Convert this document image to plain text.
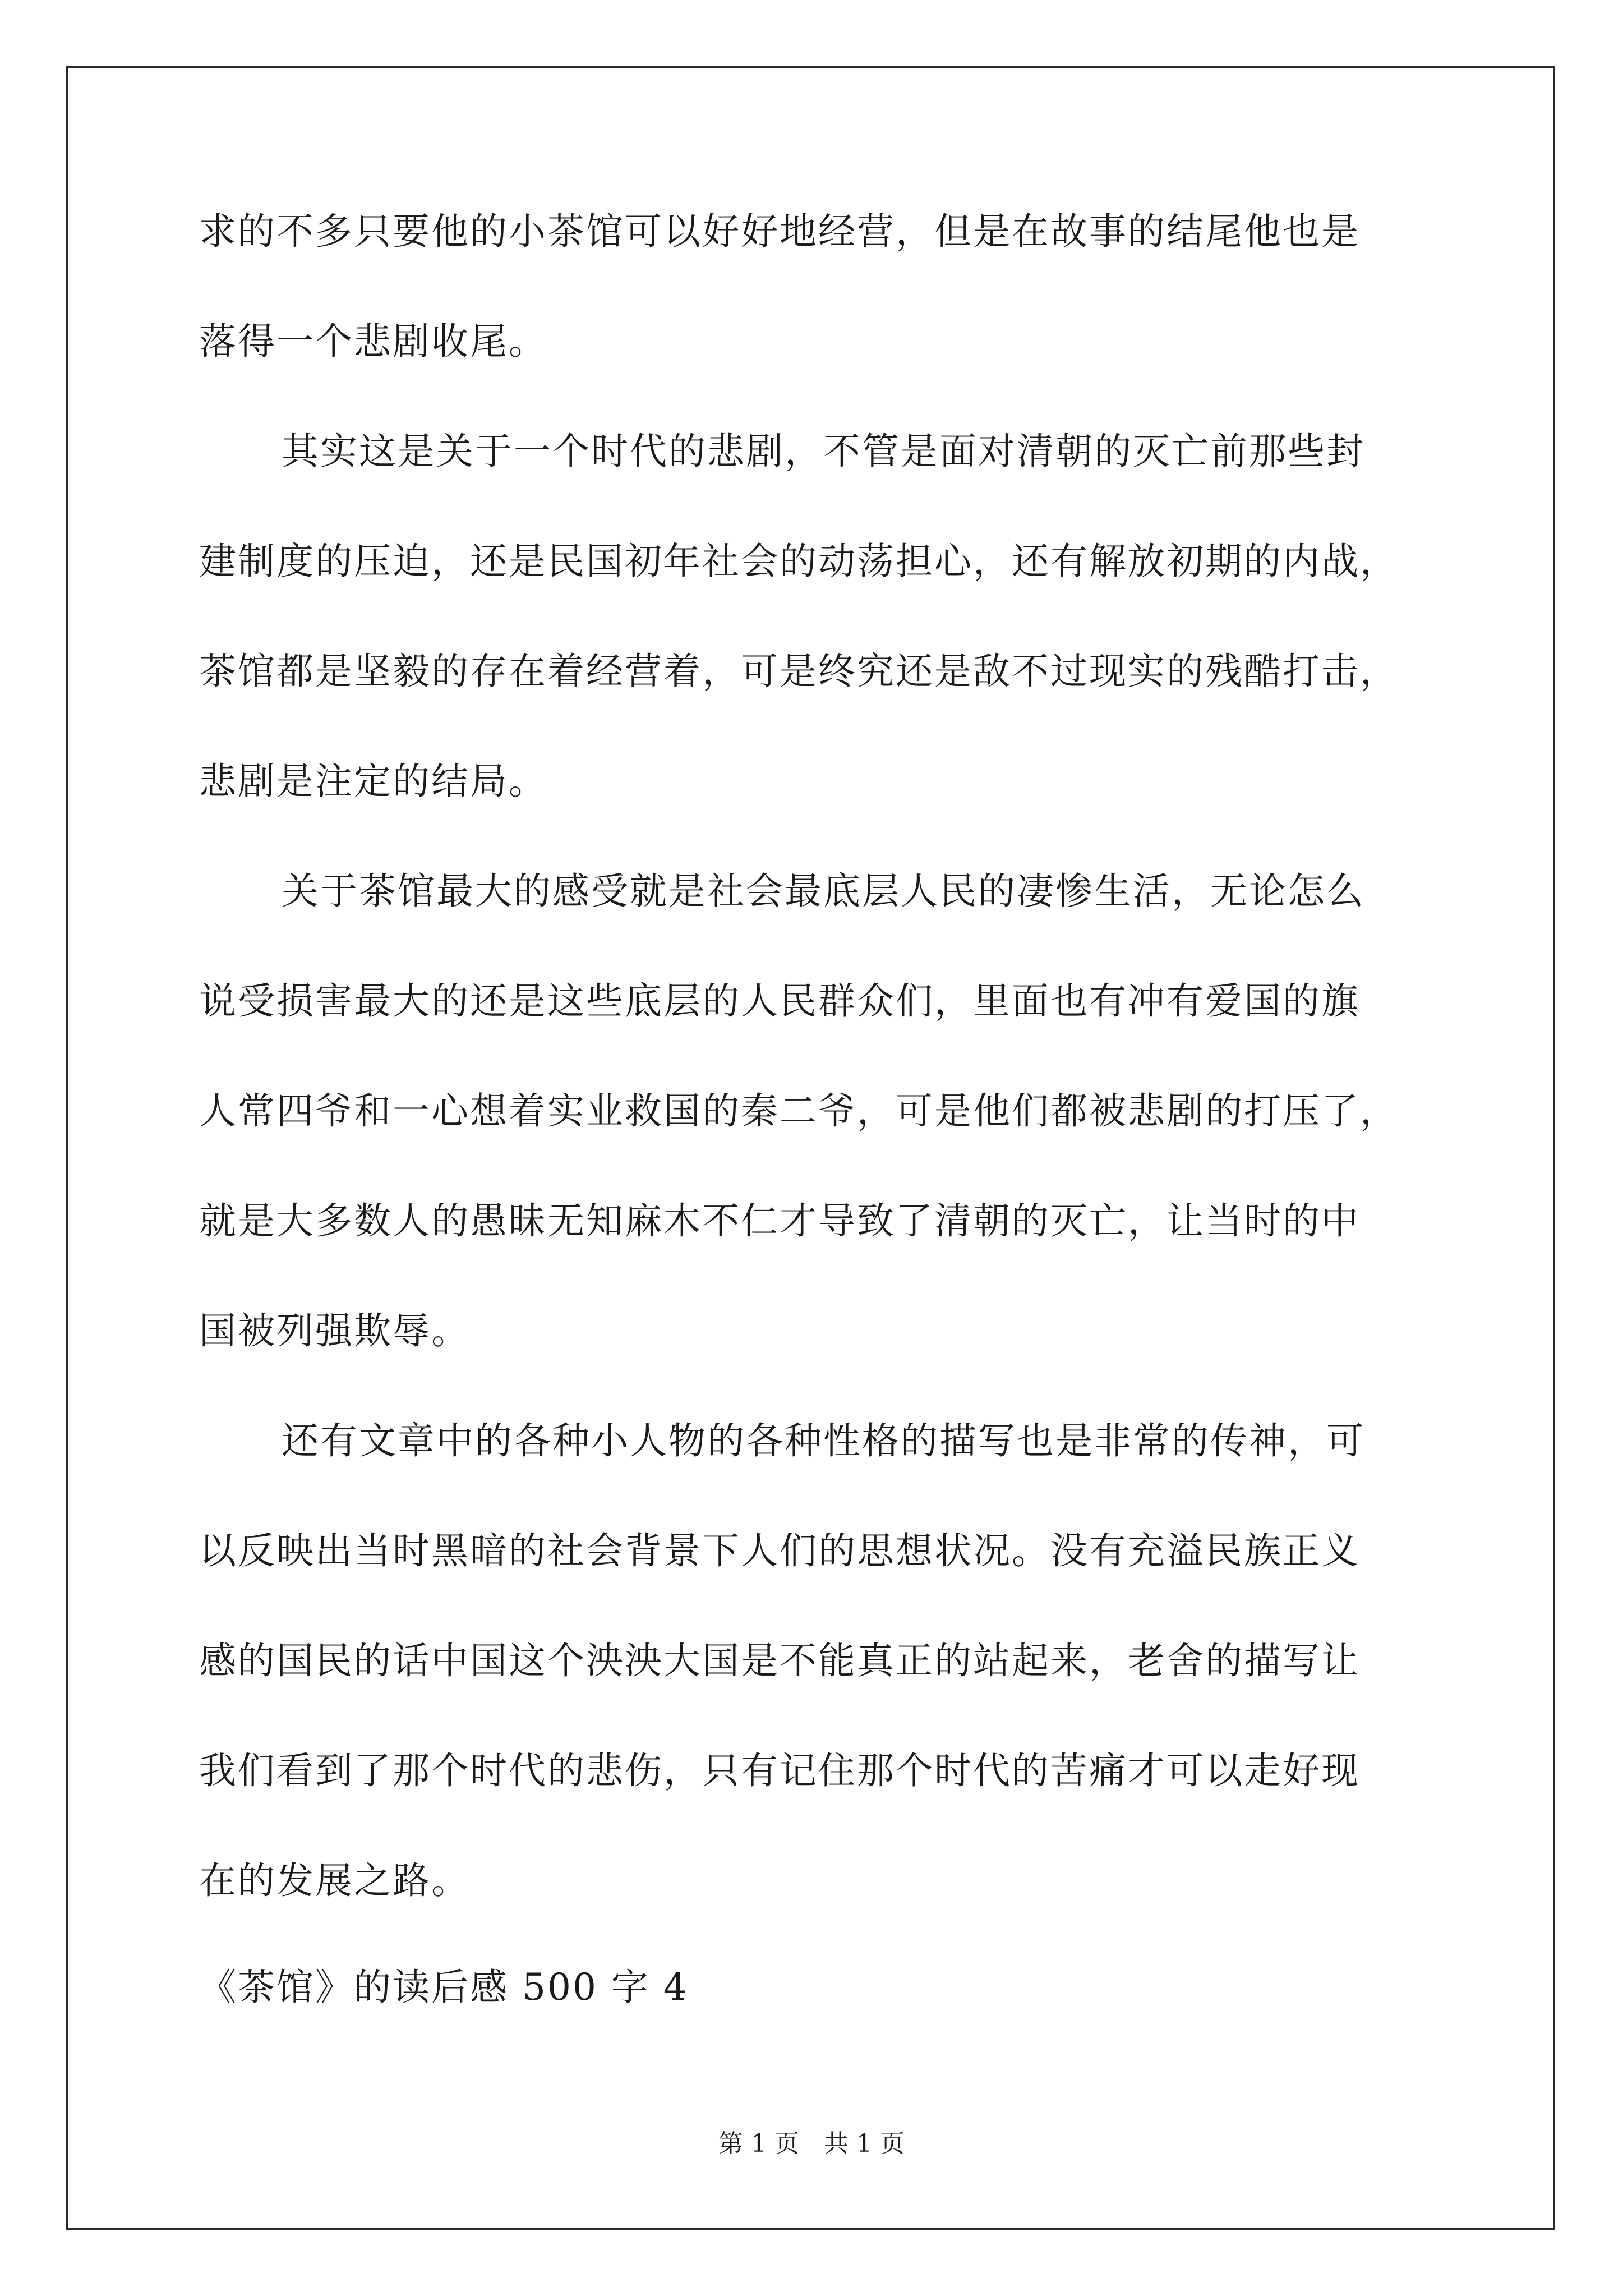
求的不多只要他的小茶馆可以好好地经营，但是在故事的结尾他也是
落得一个悲剧收尾。
其实这是关于一个时代的悲剧，不管是面对清朝的灭亡前那些封
建制度的压迫，还是民国初年社会的动荡担心，还有解放初期的内战，
茶馆都是坚毅的存在着经营着，可是终究还是敌不过现实的残酷打击，
悲剧是注定的结局。
关于茶馆最大的感受就是社会最底层人民的凄惨生活，无论怎么
说受损害最大的还是这些底层的人民群众们，里面也有冲有爱国的旗
人常四爷和一心想着实业救国的秦二爷，可是他们都被悲剧的打压了，
就是大多数人的愚昧无知麻木不仁才导致了清朝的灭亡，让当时的中
国被列强欺辱。
还有文章中的各种小人物的各种性格的描写也是非常的传神，可
以反映出当时黑暗的社会背景下人们的思想状况。没有充溢民族正义
感的国民的话中国这个泱泱大国是不能真正的站起来，老舍的描写让
我们看到了那个时代的悲伤，只有记住那个时代的苦痛才可以走好现
在的发展之路。
《茶馆》的读后感 500 字 4
第 1 页　共 1 页
